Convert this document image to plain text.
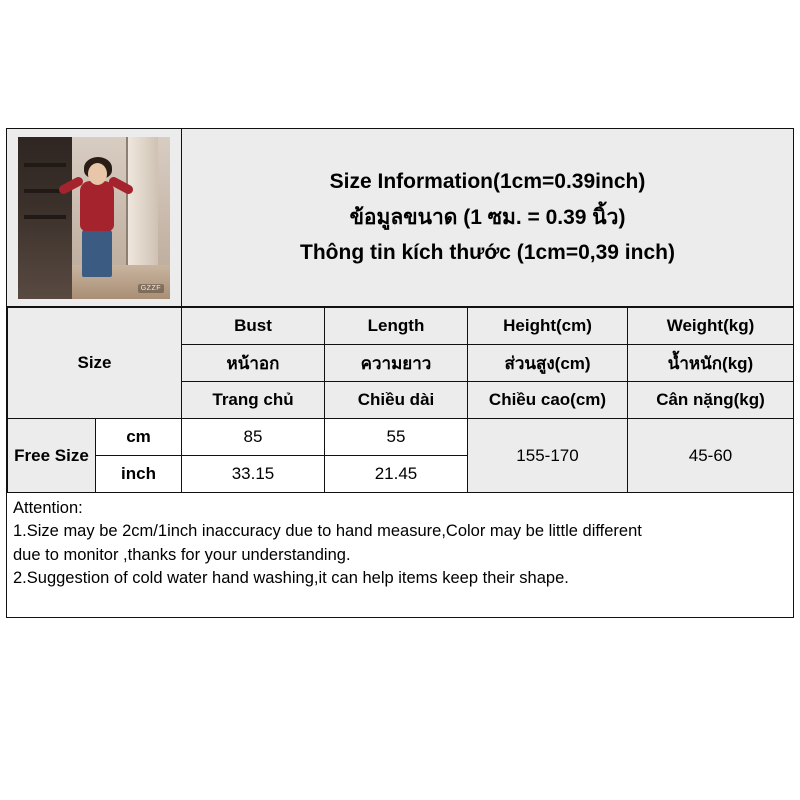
GZZF
Size Information(1cm=0.39inch)
ข้อมูลขนาด (1 ซม. = 0.39 นิ้ว)
Thông tin kích thước (1cm=0,39 inch)
Size		Bust	Length	Height(cm)	Weight(kg)
		หน้าอก	ความยาว	ส่วนสูง(cm)	น้ำหนัก(kg)
		Trang chủ	Chiều dài	Chiều cao(cm)	Cân nặng(kg)
Free Size	cm	85	55	155-170	45-60
	inch	33.15	21.45		
Attention:
1.Size may be 2cm/1inch inaccuracy due to hand measure,Color may be little different
due to monitor ,thanks for your understanding.
2.Suggestion of cold water hand washing,it can help items keep their shape.
